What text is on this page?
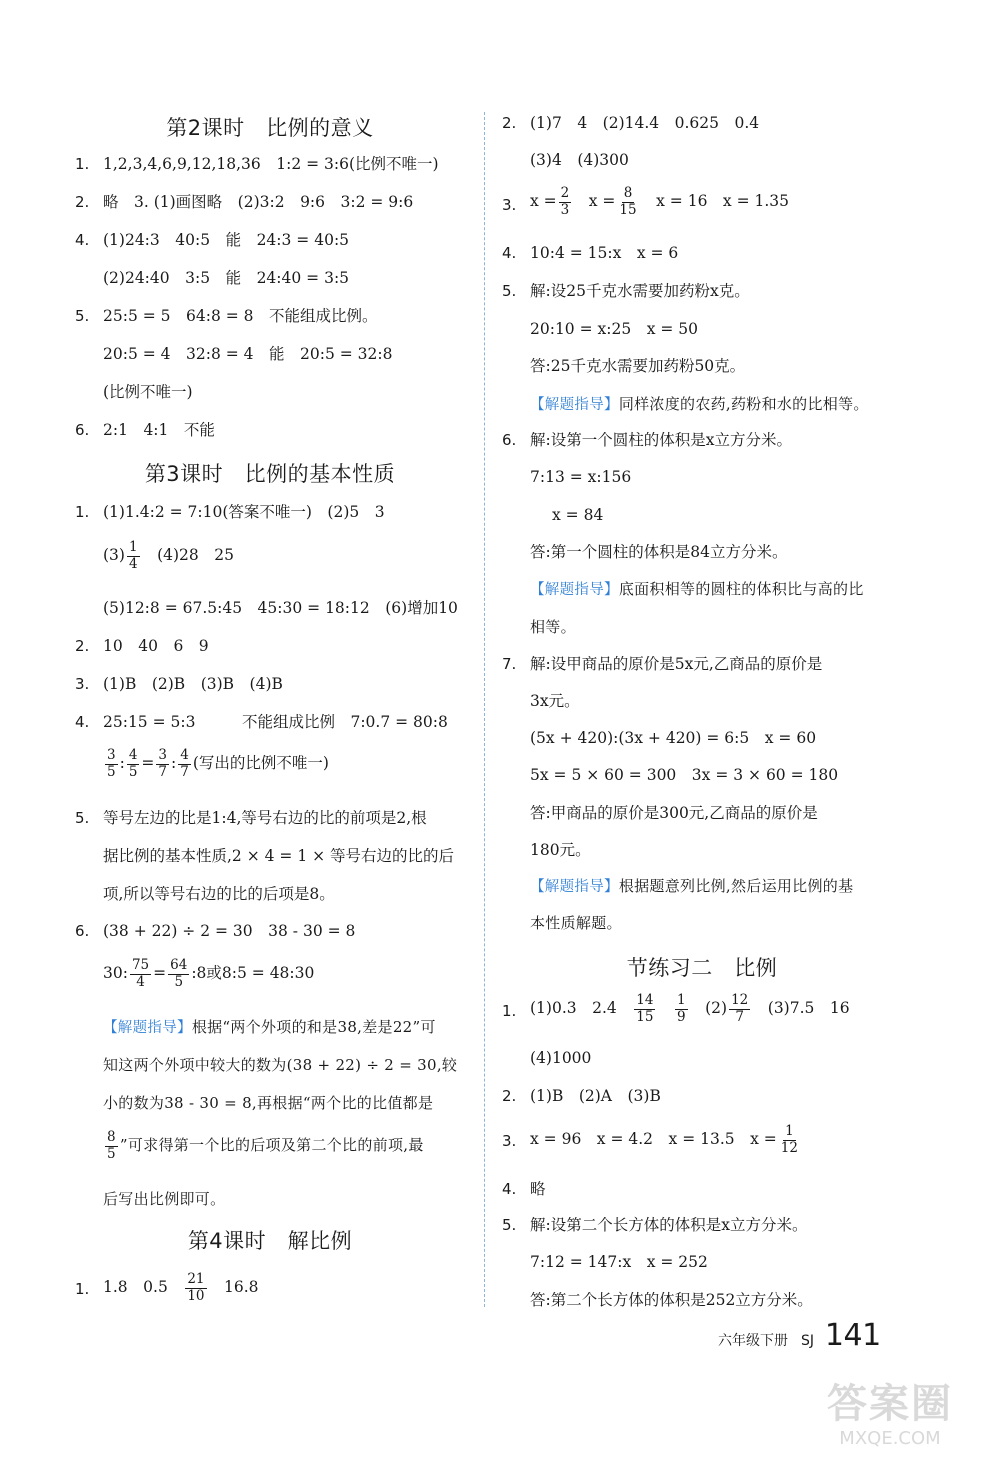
第2课时　比例的意义
1. 1,2,3,4,6,9,12,18,36　1:2 = 3:6(比例不唯一)
2. 略　3. (1)画图略　(2)3:2　9:6　3:2 = 9:6
4. (1)24:3　40:5　能　24:3 = 40:5
(2)24:40　3:5　能　24:40 = 3:5
5. 25:5 = 5　64:8 = 8　不能组成比例。
20:5 = 4　32:8 = 4　能　20:5 = 32:8
(比例不唯一)
6. 2:1　4:1　不能
第3课时　比例的基本性质
1. (1)1.4:2 = 7:10(答案不唯一)　(2)5　3
$(3) \frac{1}{4}$
　 (4)28　25
(5)12:8 = 67.5:45　45:30 = 18:12　(6)增加10
2. 10　40　6　9
3. (1)B　(2)B　(3)B　(4)B
4. 25:15 = 5:3　　　不能组成比例　7:0.7 = 80:8
$\frac{3}{5}$ : $\frac{4}{5} = \frac{3}{7}$ : $\frac{4}{7}$ (写出的比例不唯一)
5. 等号左边的比是1:4,等号右边的比的前项是2,根
据比例的基本性质,2 × 4 = 1 × 等号右边的比的后
项,所以等号右边的比的后项是8。
6. (38 + 22) ÷ 2 = 30　38 - 30 = 8
30: $\frac{75}{4} = \frac{64}{5}$ :8或8:5 = 48:30
【解题指导】根据“两个外项的和是38,差是22”可
知这两个外项中较大的数为(38 + 22) ÷ 2 = 30,较
小的数为38 - 30 = 8,再根据“两个比的比值都是
$\frac{8}{5}$ ”可求得第一个比的后项及第二个比的前项,最
后写出比例即可。
第4课时　解比例
1. 1.8　0.5　 $\frac{21}{10}$
　 16.8
2. (1)7　4　(2)14.4　0.625　0.4
(3)4　(4)300
3. $x = \frac{2}{3}$
　 $x = \frac{8}{15}$
　 x = 16　x = 1.35
4. 10:4 = 15:x　x = 6
5. 解:设25千克水需要加药粉x克。
20:10 = x:25　x = 50
答:25千克水需要加药粉50克。
【解题指导】同样浓度的农药,药粉和水的比相等。
6. 解:设第一个圆柱的体积是x立方分米。
7:13 = x:156
x = 84
答:第一个圆柱的体积是84立方分米。
【解题指导】底面积相等的圆柱的体积比与高的比
相等。
7. 解:设甲商品的原价是5x元,乙商品的原价是
3x元。
(5x + 420):(3x + 420) = 6:5　x = 60
5x = 5 × 60 = 300　3x = 3 × 60 = 180
答:甲商品的原价是300元,乙商品的原价是
180元。
【解题指导】根据题意列比例,然后运用比例的基
本性质解题。
节练习二　比例
1. (1)0.3　2.4　 $\frac{14}{15}$
　 $\frac{1}{9}$
　 $(2) \frac{12}{7}$
　 (3)7.5　16
(4)1000
2. (1)B　(2)A　(3)B
3. x = 96　x = 4.2　x = 13.5　$x = \frac{1}{12}$
4. 略
5. 解:设第二个长方体的体积是x立方分米。
7:12 = 147:x　x = 252
答:第二个长方体的体积是252立方分米。
六年级下册 SJ 141
答案圈
MXQE.COM
